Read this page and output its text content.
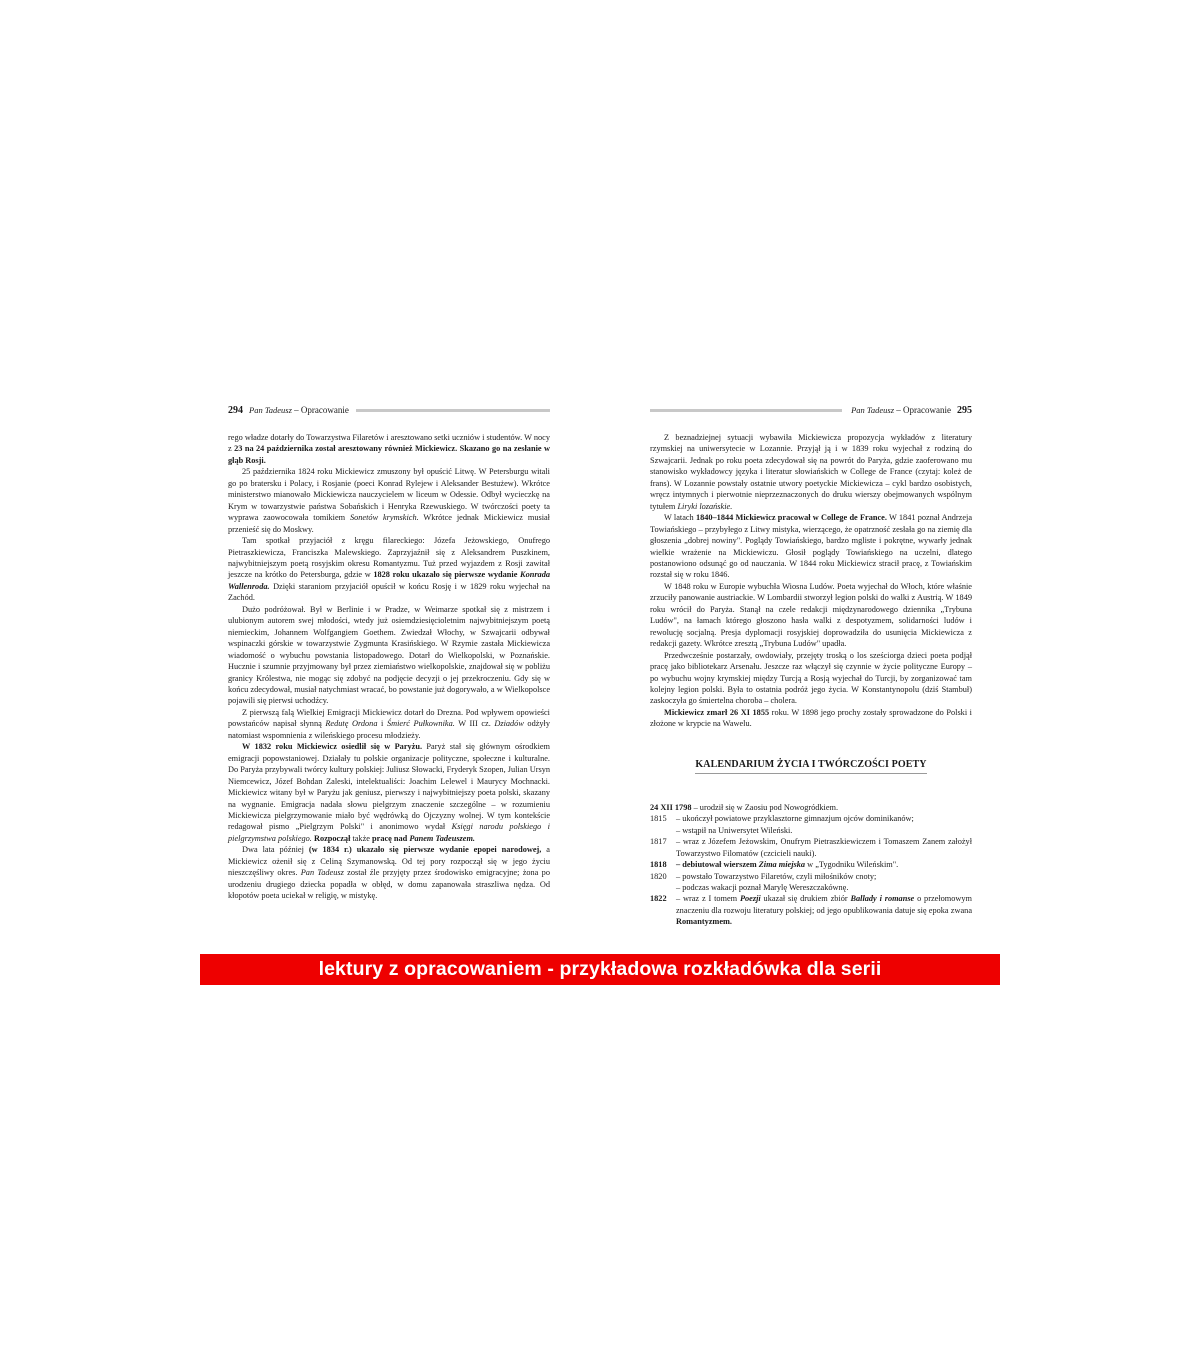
294 Pan Tadeusz – Opracowanie

rego władze dotarły do Towarzystwa Filaretów i aresztowano setki uczniów i studentów. W nocy z 23 na 24 października został aresztowany również Mickiewicz. Skazano go na zesłanie w głąb Rosji.

25 października 1824 roku Mickiewicz zmuszony był opuścić Litwę. W Petersburgu witali go po bratersku i Polacy, i Rosjanie (poeci Konrad Rylejew i Aleksander Bestużew). Wkrótce ministerstwo mianowało Mickiewicza nauczycielem w liceum w Odessie. Odbył wycieczkę na Krym w towarzystwie państwa Sobańskich i Henryka Rzewuskiego. W twórczości poety ta wyprawa zaowocowała tomikiem Sonetów krymskich. Wkrótce jednak Mickiewicz musiał przenieść się do Moskwy.

Tam spotkał przyjaciół z kręgu filareckiego: Józefa Jeżowskiego, Onufrego Pietraszkiewicza, Franciszka Malewskiego. Zaprzyjaźnił się z Aleksandrem Puszkinem, najwybitniejszym poetą rosyjskim okresu Romantyzmu. Tuż przed wyjazdem z Rosji zawitał jeszcze na krótko do Petersburga, gdzie w 1828 roku ukazało się pierwsze wydanie Konrada Wallenroda. Dzięki staraniom przyjaciół opuścił w końcu Rosję i w 1829 roku wyjechał na Zachód.

Dużo podróżował. Był w Berlinie i w Pradze, w Weimarze spotkał się z mistrzem i ulubionym autorem swej młodości, wtedy już osiemdziesięcioletnim najwybitniejszym poetą niemieckim, Johannem Wolfgangiem Goethem. Zwiedzał Włochy, w Szwajcarii odbywał wspinaczki górskie w towarzystwie Zygmunta Krasińskiego. W Rzymie zastała Mickiewicza wiadomość o wybuchu powstania listopadowego. Dotarł do Wielkopolski, w Poznańskie. Hucznie i szumnie przyjmowany był przez ziemiaństwo wielkopolskie, znajdował się w pobliżu granicy Królestwa, nie mogąc się zdobyć na podjęcie decyzji o jej przekroczeniu. Gdy się w końcu zdecydował, musiał natychmiast wracać, bo powstanie już dogorywało, a w Wielkopolsce pojawili się pierwsi uchodźcy.

Z pierwszą falą Wielkiej Emigracji Mickiewicz dotarł do Drezna. Pod wpływem opowieści powstańców napisał słynną Redutę Ordona i Śmierć Pułkownika. W III cz. Dziadów odżyły natomiast wspomnienia z wileńskiego procesu młodzieży.

W 1832 roku Mickiewicz osiedlił się w Paryżu. Paryż stał się głównym ośrodkiem emigracji popowstaniowej. Działały tu polskie organizacje polityczne, społeczne i kulturalne. Do Paryża przybywali twórcy kultury polskiej: Juliusz Słowacki, Fryderyk Szopen, Julian Ursyn Niemcewicz, Józef Bohdan Zaleski, intelektualiści: Joachim Lelewel i Maurycy Mochnacki. Mickiewicz witany był w Paryżu jak geniusz, pierwszy i najwybitniejszy poeta polski, skazany na wygnanie. Emigracja nadała słowu pielgrzym znaczenie szczególne – w rozumieniu Mickiewicza pielgrzymowanie miało być wędrówką do Ojczyzny wolnej. W tym kontekście redagował pismo „Pielgrzym Polski" i anonimowo wydał Księgi narodu polskiego i pielgrzymstwa polskiego. Rozpoczął także pracę nad Panem Tadeuszem.

Dwa lata później (w 1834 r.) ukazało się pierwsze wydanie epopei narodowej, a Mickiewicz ożenił się z Celiną Szymanowską. Od tej pory rozpoczął się w jego życiu nieszczęśliwy okres. Pan Tadeusz został źle przyjęty przez środowisko emigracyjne; żona po urodzeniu drugiego dziecka popadła w obłęd, w domu zapanowała straszliwa nędza. Od kłopotów poeta uciekał w religię, w mistykę.

Pan Tadeusz – Opracowanie 295

Z beznadziejnej sytuacji wybawiła Mickiewicza propozycja wykładów z literatury rzymskiej na uniwersytecie w Lozannie. Przyjął ją i w 1839 roku wyjechał z rodziną do Szwajcarii. Jednak po roku poeta zdecydował się na powrót do Paryża, gdzie zaoferowano mu stanowisko wykładowcy języka i literatur słowiańskich w College de France (czytaj: koleż de frans). W Lozannie powstały ostatnie utwory poetyckie Mickiewicza – cykl bardzo osobistych, wręcz intymnych i pierwotnie nieprzeznaczonych do druku wierszy obejmowanych wspólnym tytułem Liryki lozańskie.

W latach 1840–1844 Mickiewicz pracował w College de France. W 1841 poznał Andrzeja Towiańskiego – przybyłego z Litwy mistyka, wierzącego, że opatrzność zesłała go na ziemię dla głoszenia „dobrej nowiny". Poglądy Towiańskiego, bardzo mgliste i pokrętne, wywarły jednak wielkie wrażenie na Mickiewiczu. Głosił poglądy Towiańskiego na uczelni, dlatego postanowiono odsunąć go od nauczania. W 1844 roku Mickiewicz stracił pracę, z Towiańskim rozstał się w roku 1846.

W 1848 roku w Europie wybuchła Wiosna Ludów. Poeta wyjechał do Włoch, które właśnie zrzuciły panowanie austriackie. W Lombardii stworzył legion polski do walki z Austrią. W 1849 roku wrócił do Paryża. Stanął na czele redakcji międzynarodowego dziennika „Trybuna Ludów", na łamach którego głoszono hasła walki z despotyzmem, solidarności ludów i rewolucję socjalną. Presja dyplomacji rosyjskiej doprowadziła do usunięcia Mickiewicza z redakcji gazety. Wkrótce zresztą „Trybuna Ludów" upadła.

Przedwcześnie postarzały, owdowiały, przejęty troską o los sześciorga dzieci poeta podjął pracę jako bibliotekarz Arsenału. Jeszcze raz włączył się czynnie w życie polityczne Europy – po wybuchu wojny krymskiej między Turcją a Rosją wyjechał do Turcji, by zorganizować tam kolejny legion polski. Była to ostatnia podróż jego życia. W Konstantynopolu (dziś Stambuł) zaskoczyła go śmiertelna choroba – cholera.

Mickiewicz zmarł 26 XI 1855 roku. W 1898 jego prochy zostały sprowadzone do Polski i złożone w krypcie na Wawelu.

KALENDARIUM ŻYCIA I TWÓRCZOŚCI POETY
24 XII 1798 – urodził się w Zaosiu pod Nowogródkiem.
1815	– ukończył powiatowe przyklasztorne gimnazjum ojców dominikanów;
– wstąpił na Uniwersytet Wileński.
1817	– wraz z Józefem Jeżowskim, Onufrym Pietraszkiewiczem i Tomaszem Zanem założył Towarzystwo Filomatów (czcicieli nauki).
1818	– debiutował wierszem Zima miejska w „Tygodniku Wileńskim".
1820	– powstało Towarzystwo Filaretów, czyli miłośników cnoty;
– podczas wakacji poznał Marylę Wereszczakównę.
1822	– wraz z I tomem Poezji ukazał się drukiem zbiór Ballady i romanse o przełomowym znaczeniu dla rozwoju literatury polskiej; od jego opublikowania datuje się epoka zwana Romantyzmem.
lektury z opracowaniem - przykładowa rozkładówka dla serii
